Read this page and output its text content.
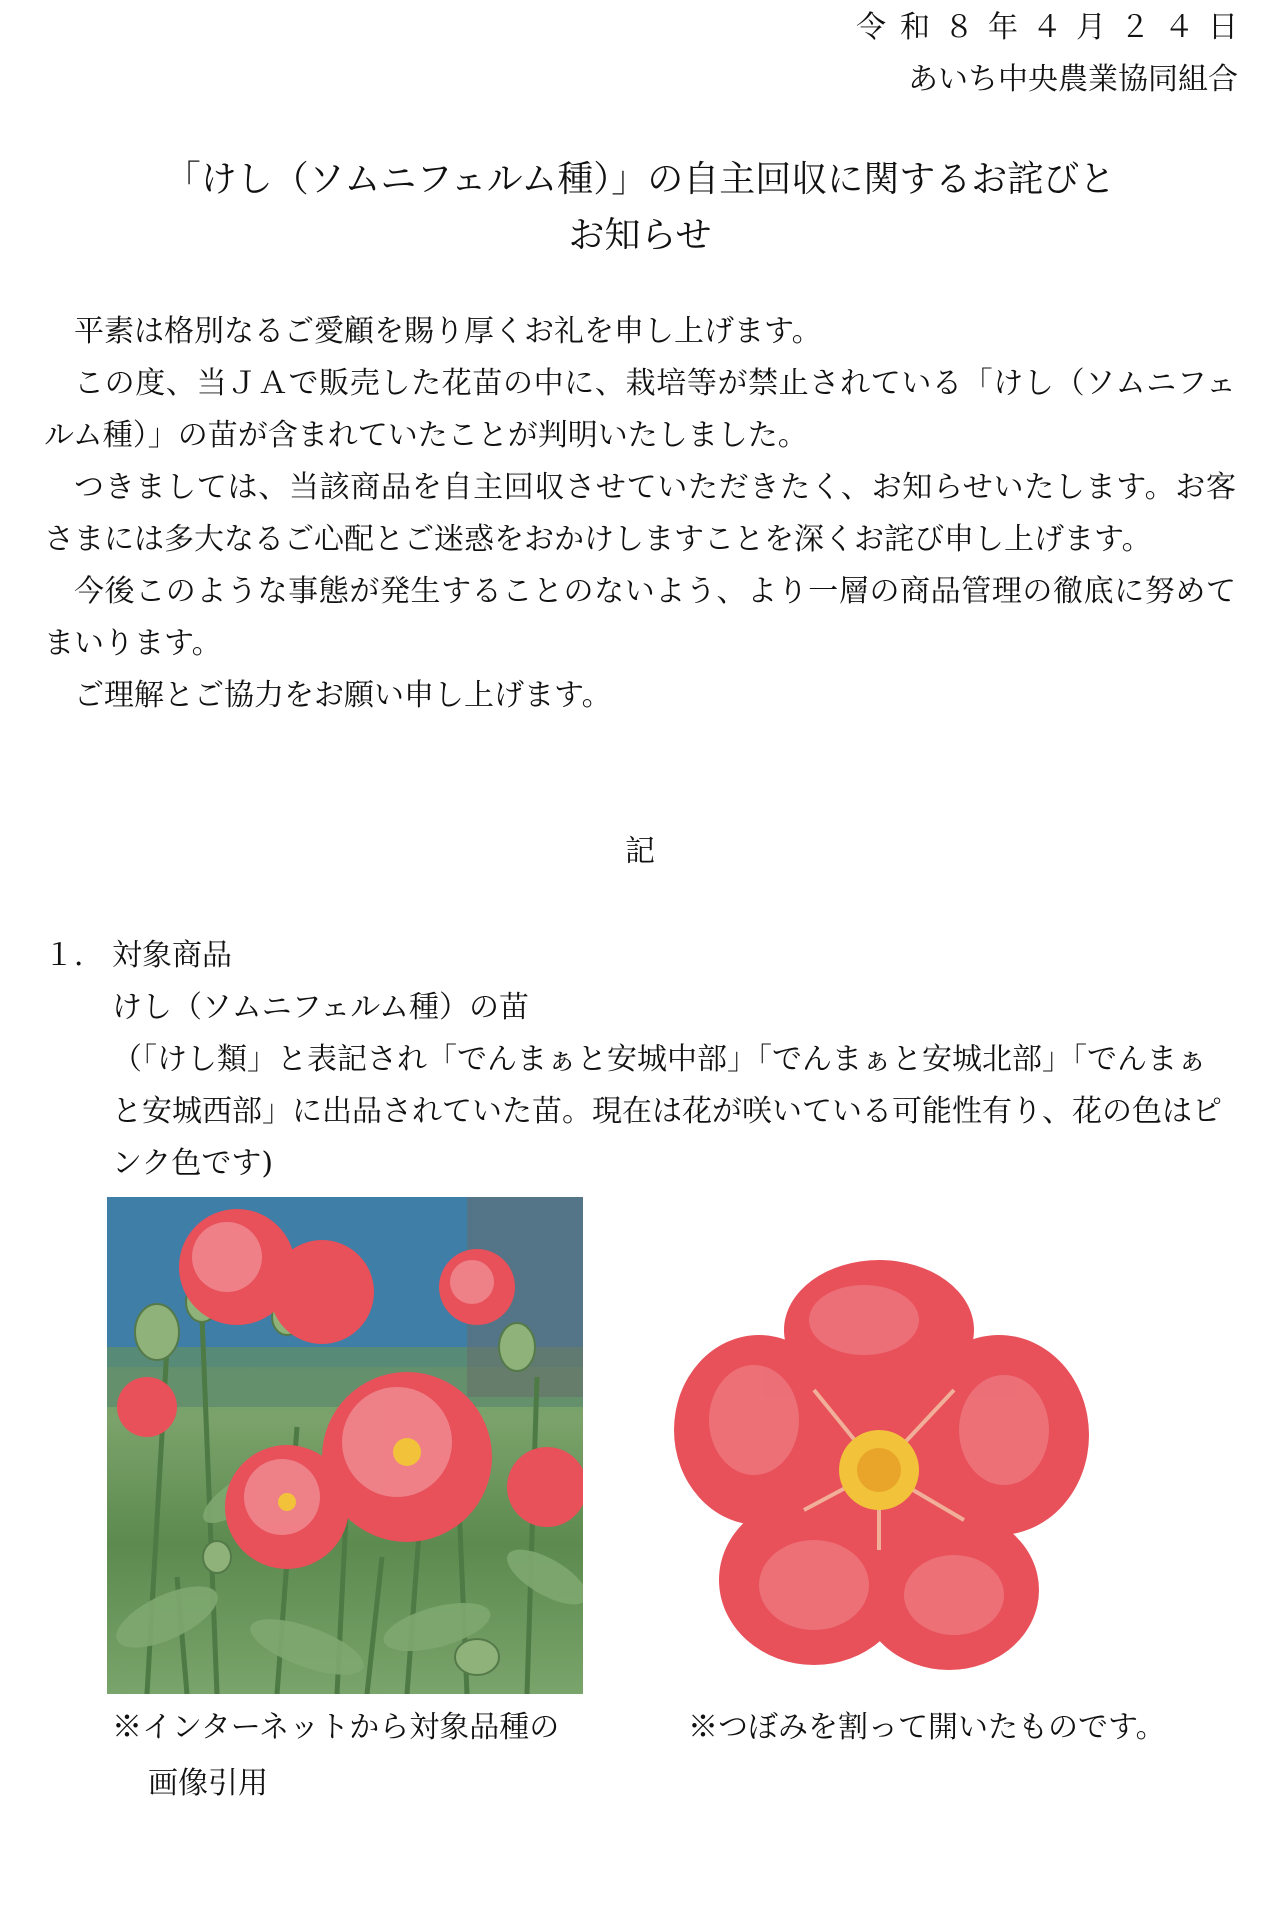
令和８年４月２４日
あいち中央農業協同組合
「けし（ソムニフェルム種）」の自主回収に関するお詫びと
お知らせ

平素は格別なるご愛顧を賜り厚くお礼を申し上げます。

この度、当ＪＡで販売した花苗の中に、栽培等が禁止されている「けし（ソムニフェルム種）」の苗が含まれていたことが判明いたしました。

つきましては、当該商品を自主回収させていただきたく、お知らせいたします。お客さまには多大なるご心配とご迷惑をおかけしますことを深くお詫び申し上げます。

今後このような事態が発生することのないよう、より一層の商品管理の徹底に努めてまいります。

ご理解とご協力をお願い申し上げます。

記
１． 対象商品

けし（ソムニフェルム種）の苗

（「けし類」と表記され「でんまぁと安城中部」「でんまぁと安城北部」「でんまぁと安城西部」に出品されていた苗。現在は花が咲いている可能性有り、花の色はピンク色です)

※インターネットから対象品種の
画像引用
※つぼみを割って開いたものです。
